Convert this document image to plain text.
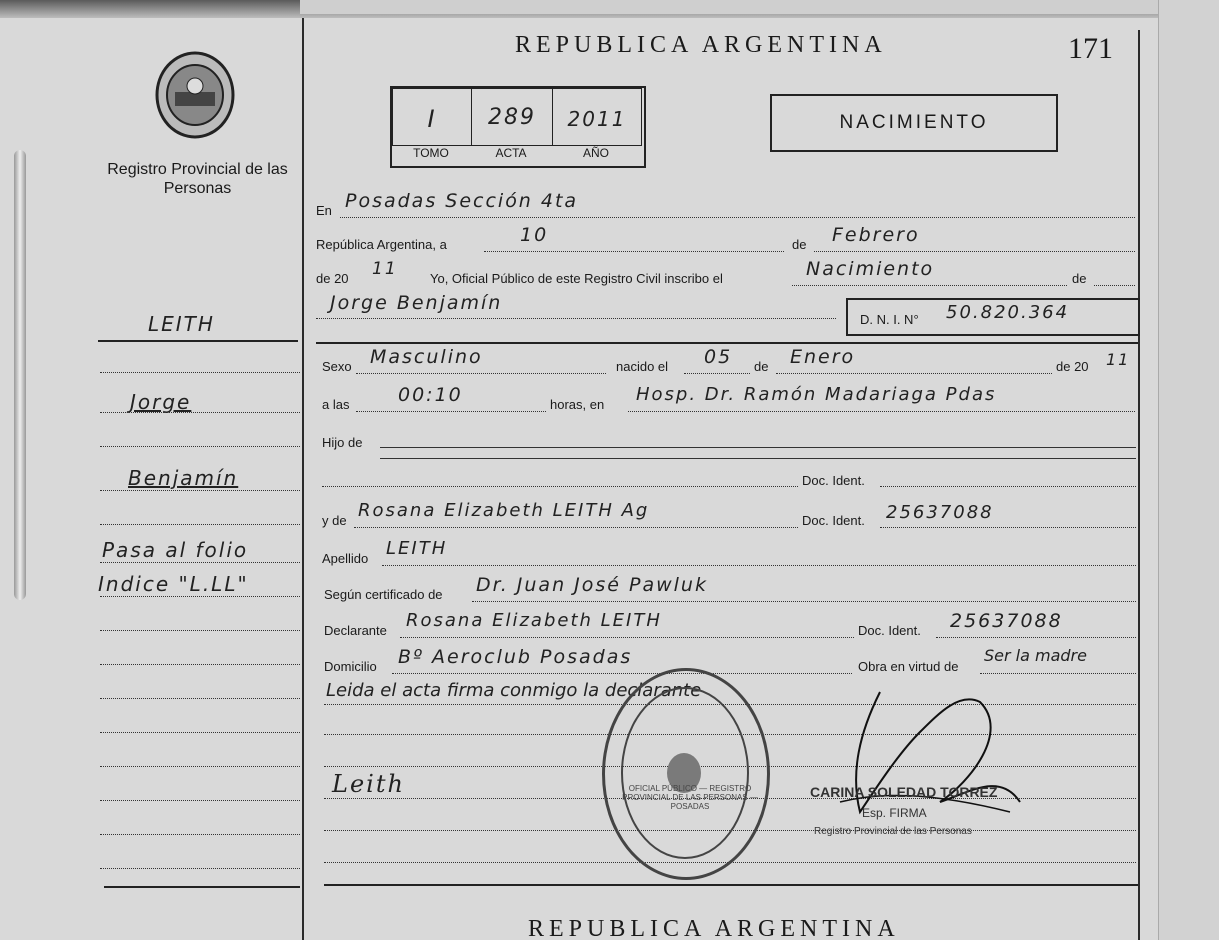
Registro Provincial de las Personas
LEITH
Jorge
Benjamín
Pasa al folio
Indice "L.LL"
REPUBLICA ARGENTINA	171
I	289	2011
TOMO	ACTA	AÑO
NACIMIENTO
En Posadas Sección 4ta
República Argentina, a	10	de Febrero
de 20 11 Yo, Oficial Público de este Registro Civil inscribo el	Nacimiento	de
Jorge Benjamín
D. N. I. N° 50.820.364
Sexo Masculino	nacido el 05 de Enero	de 20 11
a las	00:10	horas, en Hosp. Dr. Ramón Madariaga Pdas
Hijo de
Doc. Ident.
y de Rosana Elizabeth LEITH Ag	Doc. Ident. 25637088
Apellido LEITH
Según certificado de Dr. Juan José Pawluk
Declarante Rosana Elizabeth LEITH	Doc. Ident. 25637088
Domicilio Bº Aeroclub Posadas	Obra en virtud de
Ser la madre
Leida el acta firma conmigo la declarante
Leith	OFICIAL PÚBLICO — REGISTRO PROVINCIAL DE LAS PERSONAS — POSADAS
CARINA SOLEDAD TORREZ
Esp. FIRMA
Registro Provincial de las Personas
REPUBLICA ARGENTINA
